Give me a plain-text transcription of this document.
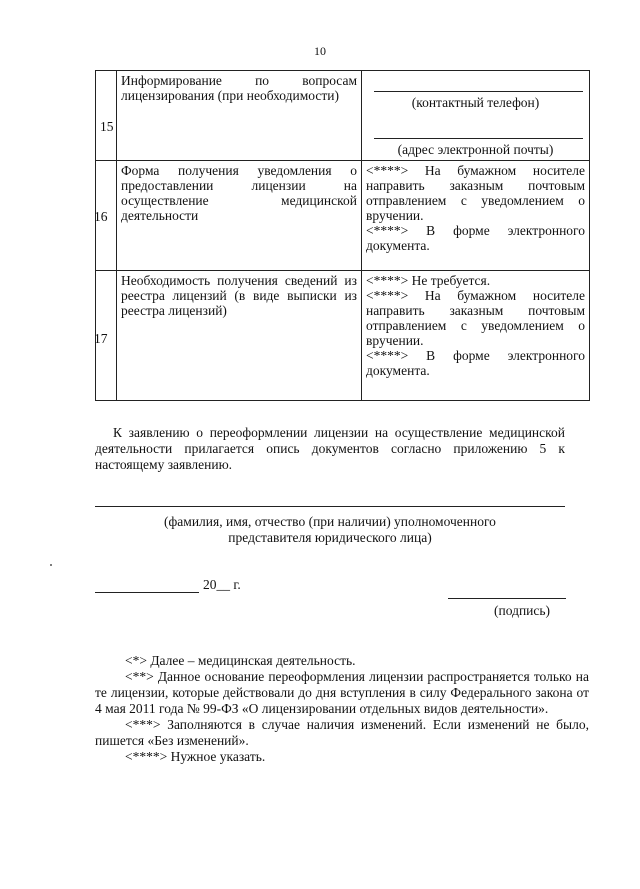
10
15	Информирование по вопросам лицензирования (при необходимости)	(контактный телефон)
(адрес электронной почты)

16	Форма получения уведомления о предоставлении лицензии на осуществление медицинской деятельности	<****> На бумажном носителе направить заказным почтовым отправлением с уведомлением о вручении.
<****> В форме электронного документа.

17	Необходимость получения сведений из реестра лицензий (в виде выписки из реестра лицензий)	<****> Не требуется.
<****> На бумажном носителе направить заказным почтовым отправлением с уведомлением о вручении.
<****> В форме электронного документа.
К заявлению о переоформлении лицензии на осуществление медицинской деятельности прилагается опись документов согласно приложению 5 к настоящему заявлению.
(фамилия, имя, отчество (при наличии) уполномоченного
представителя юридического лица)
20__ г.
(подпись)

<*> Далее – медицинская деятельность.

<**> Данное основание переоформления лицензии распространяется только на те лицензии, которые действовали до дня вступления в силу Федерального закона от 4 мая 2011 года № 99-ФЗ «О лицензировании отдельных видов деятельности».

<***> Заполняются в случае наличия изменений. Если изменений не было, пишется «Без изменений».

<****> Нужное указать.
